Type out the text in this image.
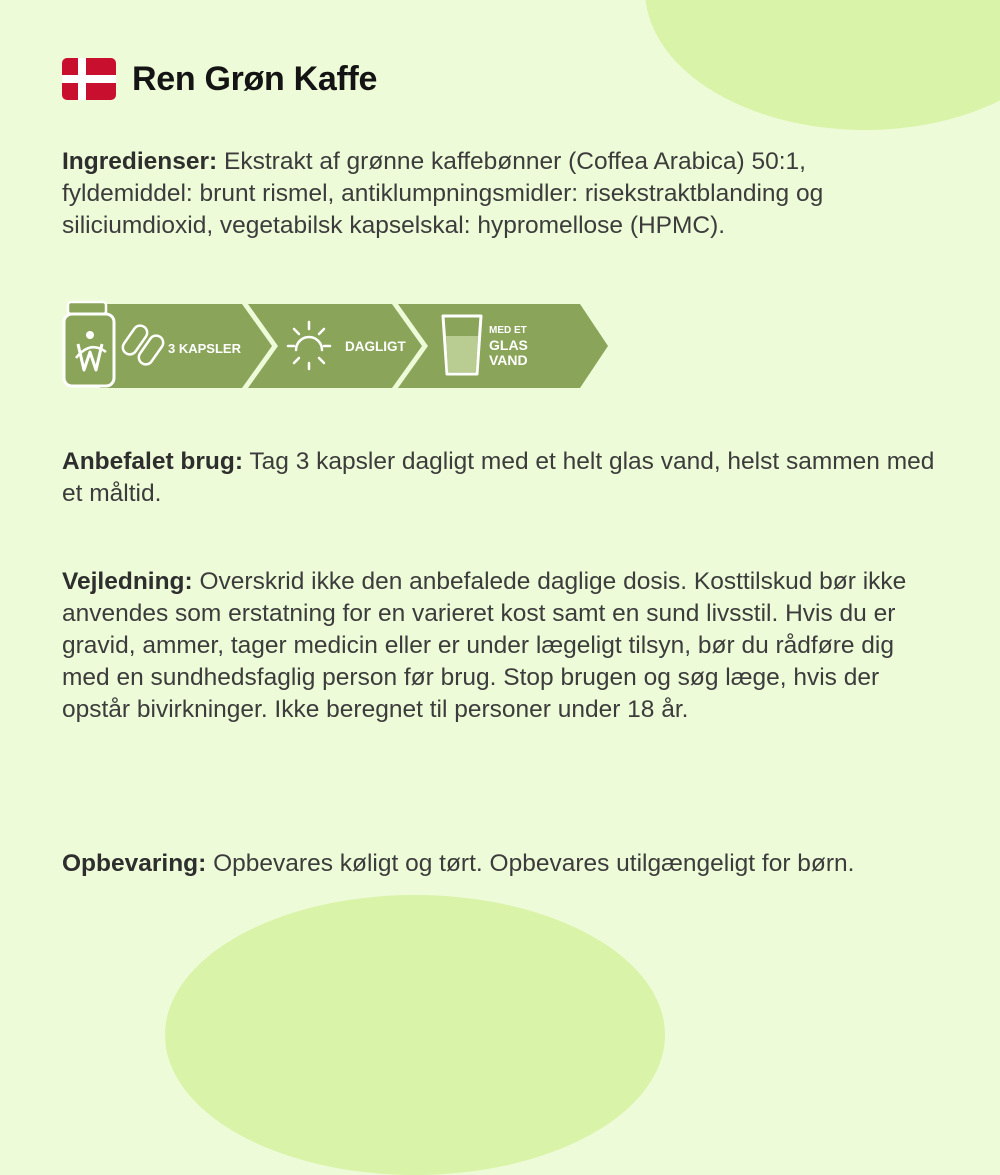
Ren Grøn Kaffe
Ingredienser: Ekstrakt af grønne kaffebønner (Coffea Arabica) 50:1, fyldemiddel: brunt rismel, antiklumpningsmidler: risekstraktblanding og siliciumdioxid, vegetabilsk kapselskal: hypromellose (HPMC).
3 KAPSLER	DAGLIGT
MED ET
GLAS
VAND
Anbefalet brug: Tag 3 kapsler dagligt med et helt glas vand, helst sammen med et måltid.
Vejledning: Overskrid ikke den anbefalede daglige dosis. Kosttilskud bør ikke anvendes som erstatning for en varieret kost samt en sund livsstil. Hvis du er gravid, ammer, tager medicin eller er under lægeligt tilsyn, bør du rådføre dig med en sundhedsfaglig person før brug. Stop brugen og søg læge, hvis der opstår bivirkninger. Ikke beregnet til personer under 18 år.
Opbevaring: Opbevares køligt og tørt. Opbevares utilgængeligt for børn.
